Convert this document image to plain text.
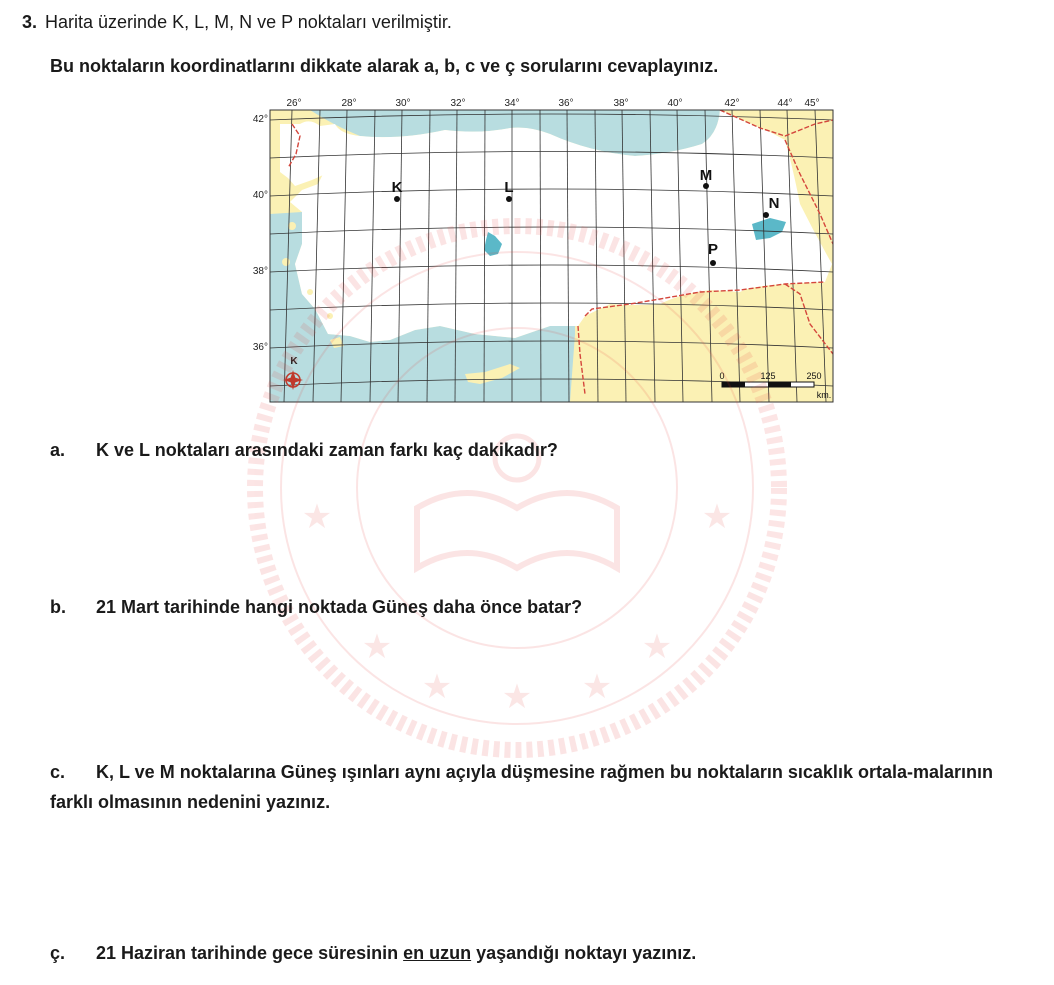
3. Harita üzerinde K, L, M, N ve P noktaları verilmiştir.
Bu noktaların koordinatlarını dikkate alarak a, b, c ve ç sorularını cevaplayınız.
26°	28°	30°	32°	34°	36°	38°	40°	42°	44° 45°
42°
40°
38°
36°
K	L
M
N
P
K
0	125	250
km.
★	★
★	★
★
★	★
a. K ve L noktaları arasındaki zaman farkı kaç dakikadır?
b. 21 Mart tarihinde hangi noktada Güneş daha önce batar?
c. K, L ve M noktalarına Güneş ışınları aynı açıyla düşmesine rağmen bu noktaların sıcaklık ortala-malarının farklı olmasının nedenini yazınız.
ç. 21 Haziran tarihinde gece süresinin en uzun yaşandığı noktayı yazınız.
